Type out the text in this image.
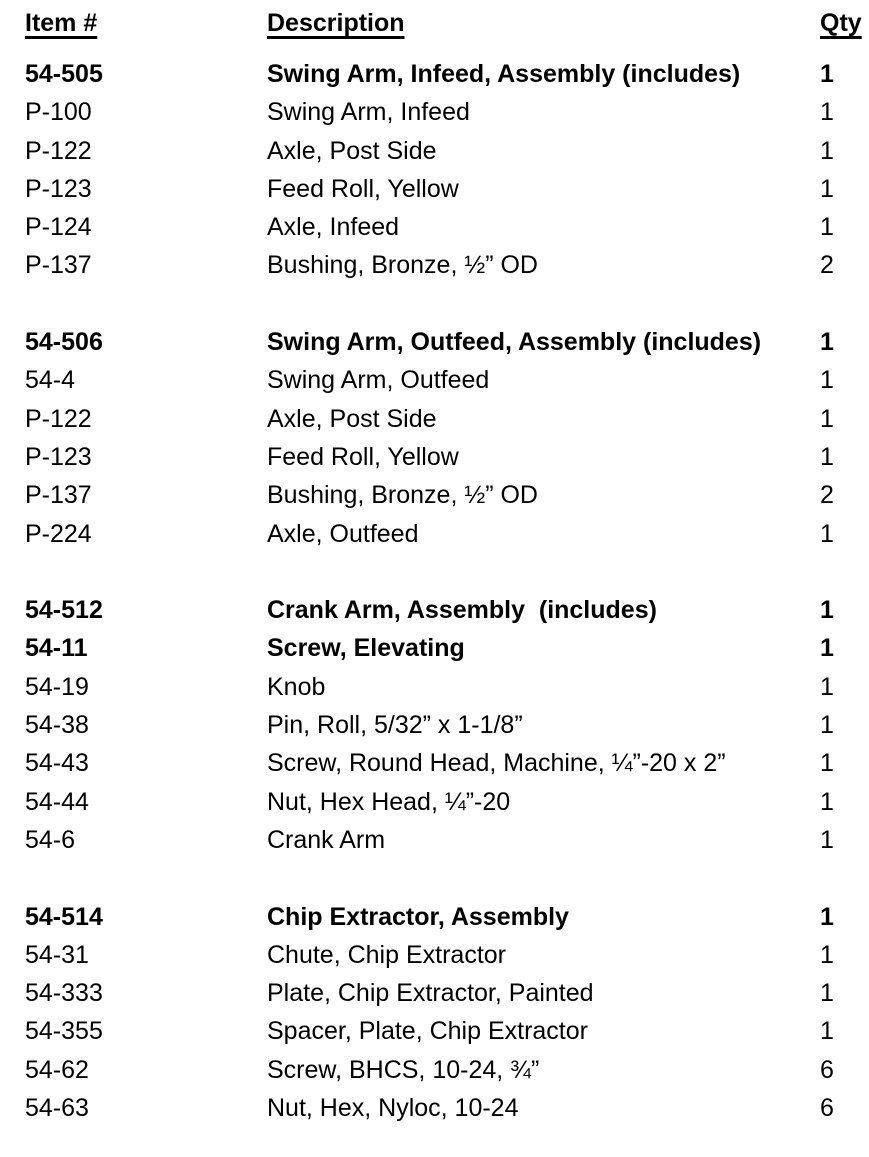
Item #	Description	Qty
54-505	Swing Arm, Infeed, Assembly (includes)	1
P-100	Swing Arm, Infeed	1
P-122	Axle, Post Side	1
P-123	Feed Roll, Yellow	1
P-124	Axle, Infeed	1
P-137	Bushing, Bronze, ½” OD	2
54-506	Swing Arm, Outfeed, Assembly (includes)	1
54-4	Swing Arm, Outfeed	1
P-122	Axle, Post Side	1
P-123	Feed Roll, Yellow	1
P-137	Bushing, Bronze, ½” OD	2
P-224	Axle, Outfeed	1
54-512	Crank Arm, Assembly  (includes)	1
54-11	Screw, Elevating	1
54-19	Knob	1
54-38	Pin, Roll, 5/32” x 1-1/8”	1
54-43	Screw, Round Head, Machine, ¼”-20 x 2”	1
54-44	Nut, Hex Head, ¼”-20	1
54-6	Crank Arm	1
54-514	Chip Extractor, Assembly	1
54-31	Chute, Chip Extractor	1
54-333	Plate, Chip Extractor, Painted	1
54-355	Spacer, Plate, Chip Extractor	1
54-62	Screw, BHCS, 10-24, ¾”	6
54-63	Nut, Hex, Nyloc, 10-24	6
